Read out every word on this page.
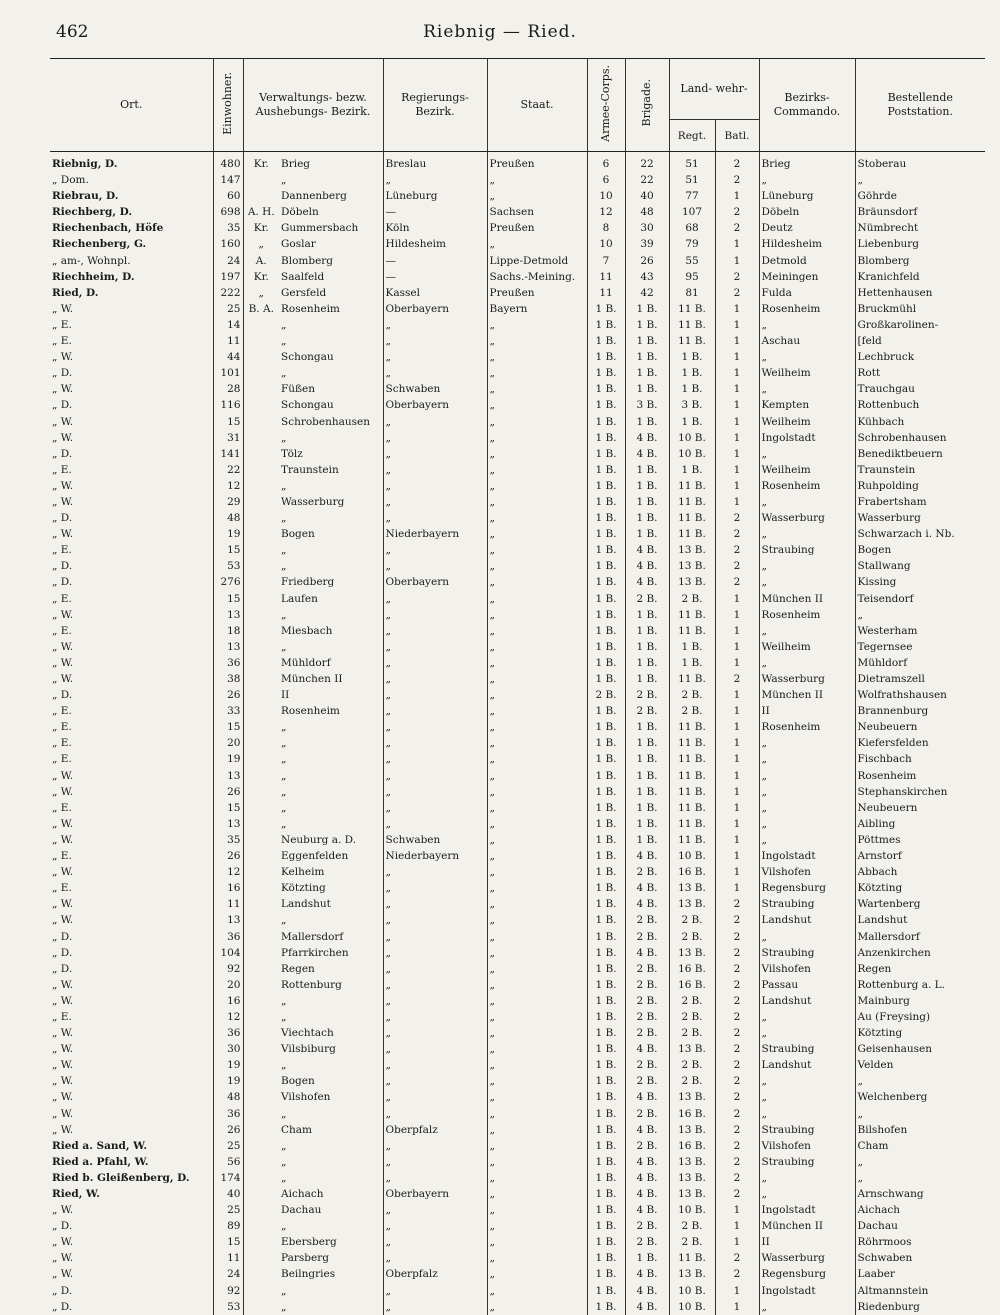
462	Riebnig — Ried.
Ort.	Einwohner.	Verwaltungs- bezw. Aushebungs- Bezirk.		Regierungs- Bezirk.	Staat.	Armee-Corps.	Brigade.	Land- wehr-		Bezirks- Commando.	Bestellende Poststation.
								Regt.	Batl.		
Riebnig, D.	480	Kr.	Brieg	Breslau	Preußen	6	22	51	2	Brieg	Stoberau
„ Dom.	147		„	„	„	6	22	51	2	„	„
Riebrau, D.	60		Dannenberg	Lüneburg	„	10	40	77	1	Lüneburg	Göhrde
Riechberg, D.	698	A. H.	Döbeln	—	Sachsen	12	48	107	2	Döbeln	Bräunsdorf
Riechenbach, Höfe	35	Kr.	Gummersbach	Köln	Preußen	8	30	68	2	Deutz	Nümbrecht
Riechenberg, G.	160	„	Goslar	Hildesheim	„	10	39	79	1	Hildesheim	Liebenburg
„ am-, Wohnpl.	24	A.	Blomberg	—	Lippe-Detmold	7	26	55	1	Detmold	Blomberg
Riechheim, D.	197	Kr.	Saalfeld	—	Sachs.-Meining.	11	43	95	2	Meiningen	Kranichfeld
Ried, D.	222	„	Gersfeld	Kassel	Preußen	11	42	81	2	Fulda	Hettenhausen
„ W.	25	B. A.	Rosenheim	Oberbayern	Bayern	1 B.	1 B.	11 B.	1	Rosenheim	Bruckmühl
„ E.	14		„	„	„	1 B.	1 B.	11 B.	1	„	Großkarolinen-
„ E.	11		„	„	„	1 B.	1 B.	11 B.	1	Aschau	[feld
„ W.	44		Schongau	„	„	1 B.	1 B.	1 B.	1	„	Lechbruck
„ D.	101		„	„	„	1 B.	1 B.	1 B.	1	Weilheim	Rott
„ W.	28		Füßen	Schwaben	„	1 B.	1 B.	1 B.	1	„	Trauchgau
„ D.	116		Schongau	Oberbayern	„	1 B.	3 B.	3 B.	1	Kempten	Rottenbuch
„ W.	15		Schrobenhausen	„	„	1 B.	1 B.	1 B.	1	Weilheim	Kühbach
„ W.	31		„	„	„	1 B.	4 B.	10 B.	1	Ingolstadt	Schrobenhausen
„ D.	141		Tölz	„	„	1 B.	4 B.	10 B.	1	„	Benediktbeuern
„ E.	22		Traunstein	„	„	1 B.	1 B.	1 B.	1	Weilheim	Traunstein
„ W.	12		„	„	„	1 B.	1 B.	11 B.	1	Rosenheim	Ruhpolding
„ W.	29		Wasserburg	„	„	1 B.	1 B.	11 B.	1	„	Frabertsham
„ D.	48		„	„	„	1 B.	1 B.	11 B.	2	Wasserburg	Wasserburg
„ W.	19		Bogen	Niederbayern	„	1 B.	1 B.	11 B.	2	„	Schwarzach i. Nb.
„ E.	15		„	„	„	1 B.	4 B.	13 B.	2	Straubing	Bogen
„ D.	53		„	„	„	1 B.	4 B.	13 B.	2	„	Stallwang
„ D.	276		Friedberg	Oberbayern	„	1 B.	4 B.	13 B.	2	„	Kissing
„ E.	15		Laufen	„	„	1 B.	2 B.	2 B.	1	München II	Teisendorf
„ W.	13		„	„	„	1 B.	1 B.	11 B.	1	Rosenheim	„
„ E.	18		Miesbach	„	„	1 B.	1 B.	11 B.	1	„	Westerham
„ W.	13		„	„	„	1 B.	1 B.	1 B.	1	Weilheim	Tegernsee
„ W.	36		Mühldorf	„	„	1 B.	1 B.	1 B.	1	„	Mühldorf
„ W.	38		München II	„	„	1 B.	1 B.	11 B.	2	Wasserburg	Dietramszell
„ D.	26		II	„	„	2 B.	2 B.	2 B.	1	München II	Wolfrathshausen
„ E.	33		Rosenheim	„	„	1 B.	2 B.	2 B.	1	II	Brannenburg
„ E.	15		„	„	„	1 B.	1 B.	11 B.	1	Rosenheim	Neubeuern
„ E.	20		„	„	„	1 B.	1 B.	11 B.	1	„	Kiefersfelden
„ E.	19		„	„	„	1 B.	1 B.	11 B.	1	„	Fischbach
„ W.	13		„	„	„	1 B.	1 B.	11 B.	1	„	Rosenheim
„ W.	26		„	„	„	1 B.	1 B.	11 B.	1	„	Stephanskirchen
„ E.	15		„	„	„	1 B.	1 B.	11 B.	1	„	Neubeuern
„ W.	13		„	„	„	1 B.	1 B.	11 B.	1	„	Aibling
„ W.	35		Neuburg a. D.	Schwaben	„	1 B.	1 B.	11 B.	1	„	Pöttmes
„ E.	26		Eggenfelden	Niederbayern	„	1 B.	4 B.	10 B.	1	Ingolstadt	Arnstorf
„ W.	12		Kelheim	„	„	1 B.	2 B.	16 B.	1	Vilshofen	Abbach
„ E.	16		Kötzting	„	„	1 B.	4 B.	13 B.	1	Regensburg	Kötzting
„ W.	11		Landshut	„	„	1 B.	4 B.	13 B.	2	Straubing	Wartenberg
„ W.	13		„	„	„	1 B.	2 B.	2 B.	2	Landshut	Landshut
„ D.	36		Mallersdorf	„	„	1 B.	2 B.	2 B.	2	„	Mallersdorf
„ D.	104		Pfarrkirchen	„	„	1 B.	4 B.	13 B.	2	Straubing	Anzenkirchen
„ D.	92		Regen	„	„	1 B.	2 B.	16 B.	2	Vilshofen	Regen
„ W.	20		Rottenburg	„	„	1 B.	2 B.	16 B.	2	Passau	Rottenburg a. L.
„ W.	16		„	„	„	1 B.	2 B.	2 B.	2	Landshut	Mainburg
„ E.	12		„	„	„	1 B.	2 B.	2 B.	2	„	Au (Freysing)
„ W.	36		Viechtach	„	„	1 B.	2 B.	2 B.	2	„	Kötzting
„ W.	30		Vilsbiburg	„	„	1 B.	4 B.	13 B.	2	Straubing	Geisenhausen
„ W.	19		„	„	„	1 B.	2 B.	2 B.	2	Landshut	Velden
„ W.	19		Bogen	„	„	1 B.	2 B.	2 B.	2	„	„
„ W.	48		Vilshofen	„	„	1 B.	4 B.	13 B.	2	„	Welchenberg
„ W.	36		„	„	„	1 B.	2 B.	16 B.	2	„	„
„ W.	26		Cham	Oberpfalz	„	1 B.	4 B.	13 B.	2	Straubing	Bilshofen
Ried a. Sand, W.	25		„	„	„	1 B.	2 B.	16 B.	2	Vilshofen	Cham
Ried a. Pfahl, W.	56		„	„	„	1 B.	4 B.	13 B.	2	Straubing	„
Ried b. Gleißenberg, D.	174		„	„	„	1 B.	4 B.	13 B.	2	„	„
Ried, W.	40		Aichach	Oberbayern	„	1 B.	4 B.	13 B.	2	„	Arnschwang
„ W.	25		Dachau	„	„	1 B.	4 B.	10 B.	1	Ingolstadt	Aichach
„ D.	89		„	„	„	1 B.	2 B.	2 B.	1	München II	Dachau
„ W.	15		Ebersberg	„	„	1 B.	2 B.	2 B.	1	II	Röhrmoos
„ W.	11		Parsberg	„	„	1 B.	1 B.	11 B.	2	Wasserburg	Schwaben
„ W.	24		Beilngries	Oberpfalz	„	1 B.	4 B.	13 B.	2	Regensburg	Laaber
„ D.	92		„	„	„	1 B.	4 B.	10 B.	1	Ingolstadt	Altmannstein
„ D.	53		„	„	„	1 B.	4 B.	10 B.	1	„	Riedenburg
